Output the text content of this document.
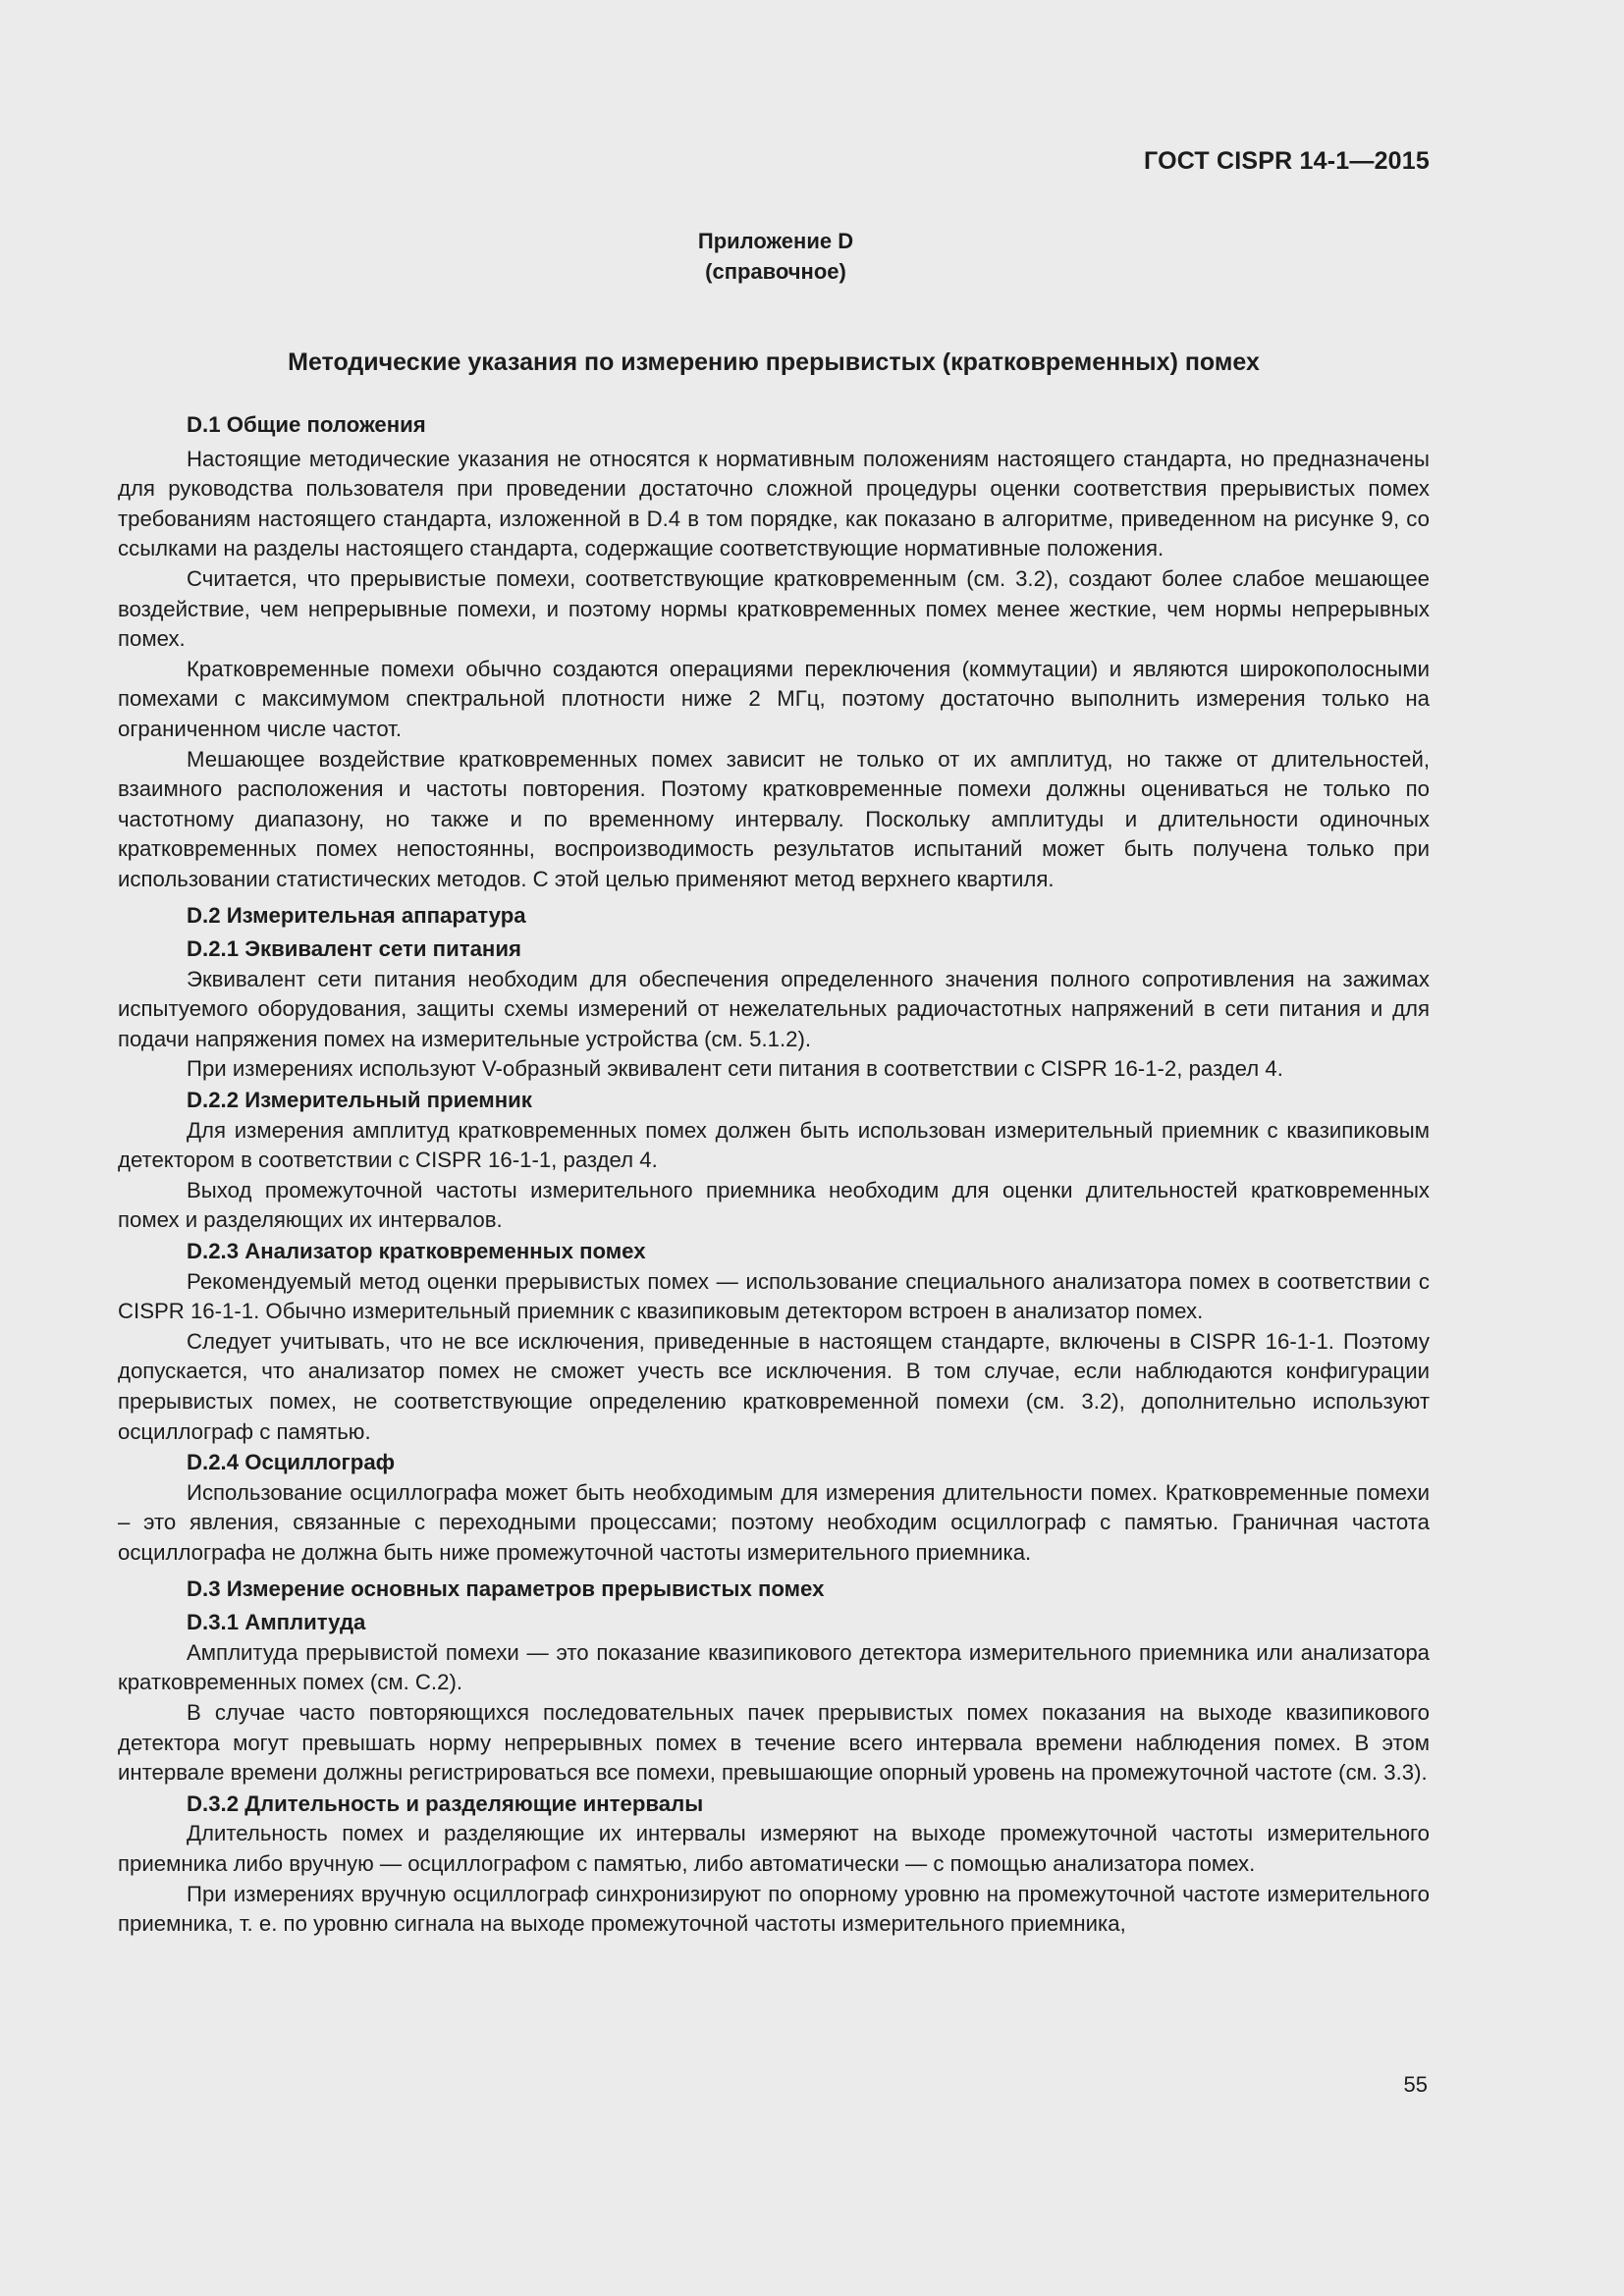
ГОСТ CISPR 14-1—2015
Приложение D
(справочное)
Методические указания по измерению прерывистых (кратковременных) помех
D.1 Общие положения

Настоящие методические указания не относятся к нормативным положениям настоящего стандарта, но предназначены для руководства пользователя при проведении достаточно сложной процедуры оценки соответствия прерывистых помех требованиям настоящего стандарта, изложенной в D.4 в том порядке, как показано в алгоритме, приведенном на рисунке 9, со ссылками на разделы настоящего стандарта, содержащие соответствующие нормативные положения.

Считается, что прерывистые помехи, соответствующие кратковременным (см. 3.2), создают более слабое мешающее воздействие, чем непрерывные помехи, и поэтому нормы кратковременных помех менее жесткие, чем нормы непрерывных помех.

Кратковременные помехи обычно создаются операциями переключения (коммутации) и являются широкополосными помехами с максимумом спектральной плотности ниже 2 МГц, поэтому достаточно выполнить измерения только на ограниченном числе частот.

Мешающее воздействие кратковременных помех зависит не только от их амплитуд, но также от длительностей, взаимного расположения и частоты повторения. Поэтому кратковременные помехи должны оцениваться не только по частотному диапазону, но также и по временному интервалу. Поскольку амплитуды и длительности одиночных кратковременных помех непостоянны, воспроизводимость результатов испытаний может быть получена только при использовании статистических методов. С этой целью применяют метод верхнего квартиля.

D.2 Измерительная аппаратура
D.2.1 Эквивалент сети питания

Эквивалент сети питания необходим для обеспечения определенного значения полного сопротивления на зажимах испытуемого оборудования, защиты схемы измерений от нежелательных радиочастотных напряжений в сети питания и для подачи напряжения помех на измерительные устройства (см. 5.1.2).

При измерениях используют V-образный эквивалент сети питания в соответствии с CISPR 16-1-2, раздел 4.

D.2.2 Измерительный приемник

Для измерения амплитуд кратковременных помех должен быть использован измерительный приемник с квазипиковым детектором в соответствии с CISPR 16-1-1, раздел 4.

Выход промежуточной частоты измерительного приемника необходим для оценки длительностей кратковременных помех и разделяющих их интервалов.

D.2.3 Анализатор кратковременных помех

Рекомендуемый метод оценки прерывистых помех — использование специального анализатора помех в соответствии с CISPR 16-1-1. Обычно измерительный приемник с квазипиковым детектором встроен в анализатор помех.

Следует учитывать, что не все исключения, приведенные в настоящем стандарте, включены в CISPR 16-1-1. Поэтому допускается, что анализатор помех не сможет учесть все исключения. В том случае, если наблюдаются конфигурации прерывистых помех, не соответствующие определению кратковременной помехи (см. 3.2), дополнительно используют осциллограф с памятью.

D.2.4 Осциллограф

Использование осциллографа может быть необходимым для измерения длительности помех. Кратковременные помехи – это явления, связанные с переходными процессами; поэтому необходим осциллограф с памятью. Граничная частота осциллографа не должна быть ниже промежуточной частоты измерительного приемника.

D.3 Измерение основных параметров прерывистых помех
D.3.1 Амплитуда

Амплитуда прерывистой помехи — это показание квазипикового детектора измерительного приемника или анализатора кратковременных помех (см. С.2).

В случае часто повторяющихся последовательных пачек прерывистых помех показания на выходе квазипикового детектора могут превышать норму непрерывных помех в течение всего интервала времени наблюдения помех. В этом интервале времени должны регистрироваться все помехи, превышающие опорный уровень на промежуточной частоте (см. 3.3).

D.3.2 Длительность и разделяющие интервалы

Длительность помех и разделяющие их интервалы измеряют на выходе промежуточной частоты измерительного приемника либо вручную — осциллографом с памятью, либо автоматически — с помощью анализатора помех.

При измерениях вручную осциллограф синхронизируют по опорному уровню на промежуточной частоте измерительного приемника, т. е. по уровню сигнала на выходе промежуточной частоты измерительного приемника,

55
